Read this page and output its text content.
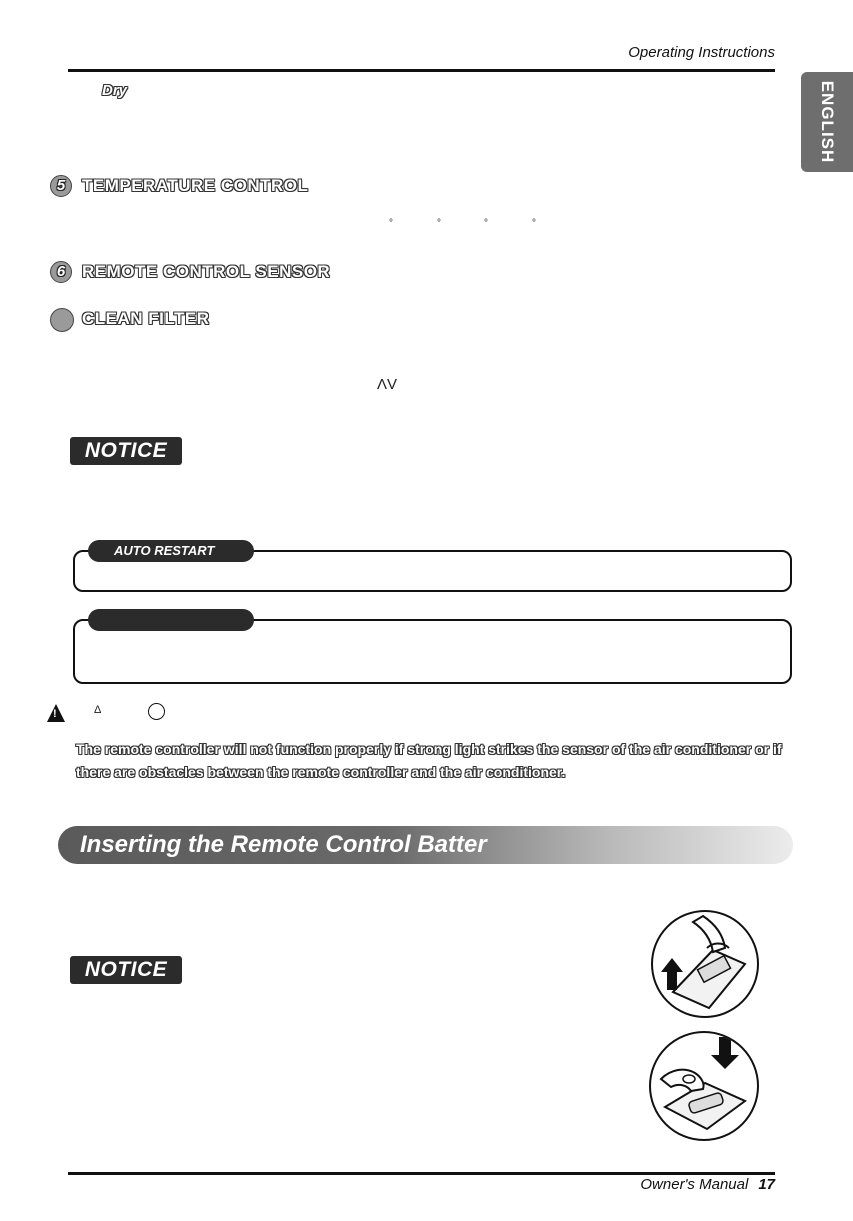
Operating Instructions
ENGLISH
Dry
5 TEMPERATURE CONTROL
°	°	°	°
6 REMOTE CONTROL SENSOR
CLEAN FILTER
ΛV
NOTICE
AUTO RESTART
!	Δ
The remote controller will not function properly if strong light strikes the sensor of the air conditioner or if there are obstacles between the remote controller and the air conditioner.
Inserting the Remote Control Batter
NOTICE
Owner's Manual 17
